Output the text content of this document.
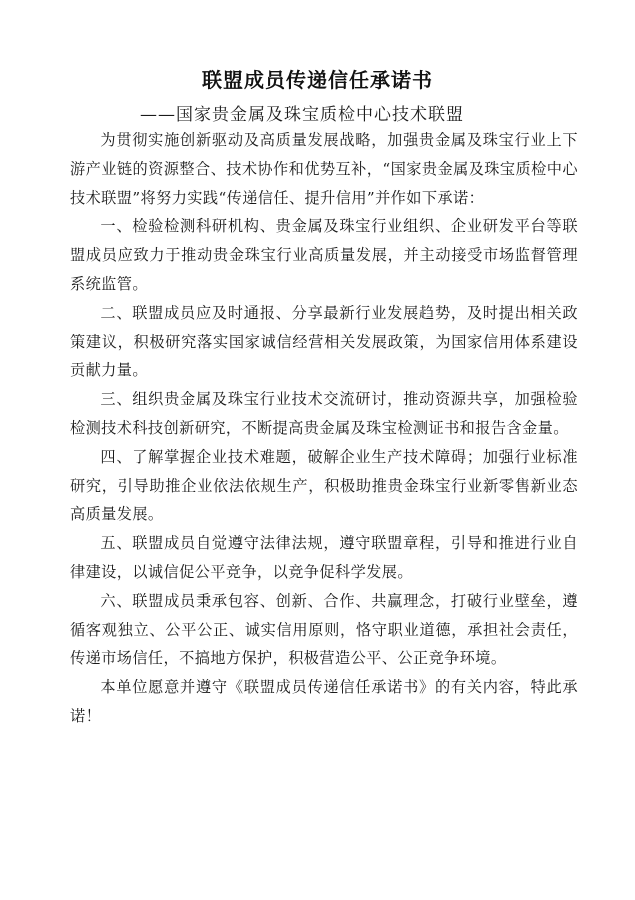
联盟成员传递信任承诺书
——国家贵金属及珠宝质检中心技术联盟

为贯彻实施创新驱动及高质量发展战略，加强贵金属及珠宝行业上下游产业链的资源整合、技术协作和优势互补，“国家贵金属及珠宝质检中心技术联盟”将努力实践“传递信任、提升信用”并作如下承诺：

一、检验检测科研机构、贵金属及珠宝行业组织、企业研发平台等联盟成员应致力于推动贵金珠宝行业高质量发展，并主动接受市场监督管理系统监管。

二、联盟成员应及时通报、分享最新行业发展趋势，及时提出相关政策建议，积极研究落实国家诚信经营相关发展政策，为国家信用体系建设贡献力量。

三、组织贵金属及珠宝行业技术交流研讨，推动资源共享，加强检验检测技术科技创新研究，不断提高贵金属及珠宝检测证书和报告含金量。

四、了解掌握企业技术难题，破解企业生产技术障碍；加强行业标准研究，引导助推企业依法依规生产，积极助推贵金珠宝行业新零售新业态高质量发展。

五、联盟成员自觉遵守法律法规，遵守联盟章程，引导和推进行业自律建设，以诚信促公平竞争，以竞争促科学发展。

六、联盟成员秉承包容、创新、合作、共赢理念，打破行业壁垒，遵循客观独立、公平公正、诚实信用原则，恪守职业道德，承担社会责任，传递市场信任，不搞地方保护，积极营造公平、公正竞争环境。

本单位愿意并遵守《联盟成员传递信任承诺书》的有关内容，特此承诺！
